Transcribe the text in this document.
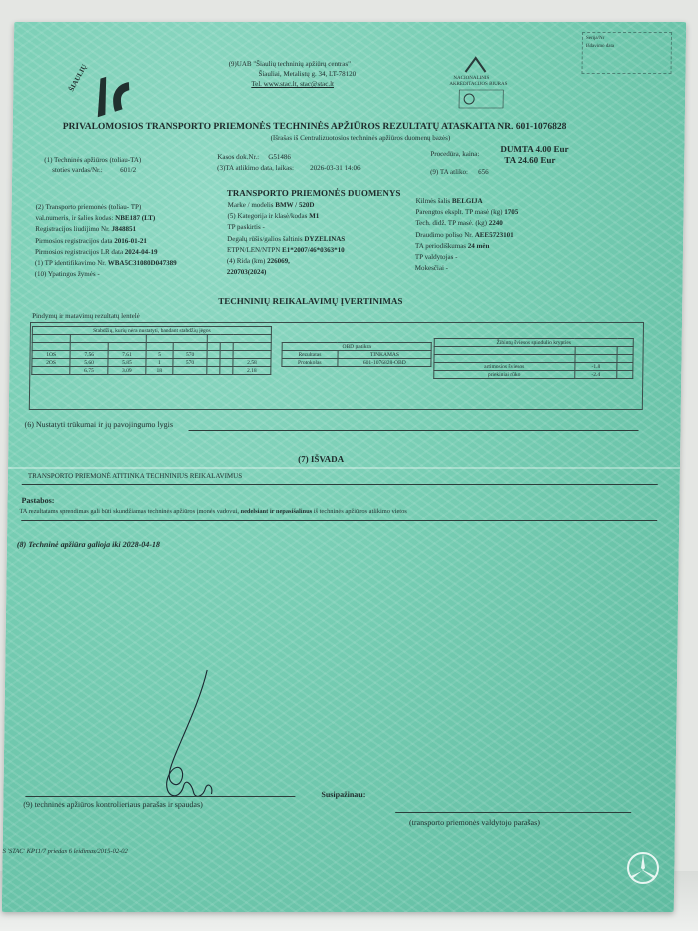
ŠIAULIŲ	(9)UAB "Šiaulių techninių apžiūrų centras"
Šiauliai, Metalistų g. 34, LT-78120
Tel. www.stac.lt, stac@stac.lt
NACIONALINIS
AKREDITACIJOS BIURAS
Serija/Nr
Išdavimo data
PRIVALOMOSIOS TRANSPORTO PRIEMONĖS TECHNINĖS APŽIŪROS REZULTATŲ ATASKAITA NR. 601-1076828
(Išrašas iš Centralizuotosios techninės apžiūros duomenų bazės)
(1) Techninės apžiūros (toliau-TA)
stoties vardas/Nr.: 601/2
Kasos dok.Nr.: G51486
(3)TA atlikimo data, laikas: 2026-03-31 14:06
Procedūra, kaina: DUMTA 4.00 Eur
TA 24.60 Eur
(9) TA atliko: 656
TRANSPORTO PRIEMONĖS DUOMENYS
(2) Transporto priemonės (toliau- TP)
val.numeris, ir šalies kodas: NBE187 (LT)
Registracijos liudijimo Nr. J848851
Pirmosios registracijos data 2016-01-21
Pirmosios registracijos LR data 2024-04-19
(1) TP identifikavimo Nr. WBA5C31080D047389
(10) Ypatingos žymės -
Marke / modelis BMW / 520D
(5) Kategorija ir klasė/kodas M1
TP paskirtis -
Degalų rūšis/galios šaltinis DYZELINAS
ETPN/LEN/NTPN E1*2007/46*0363*10
(4) Rida (km) 226069,
220703(2024)
Kilmės šalis BELGIJA
Parengtos eksplt. TP masė (kg) 1705
Tech. didž. TP masė. (kg) 2240
Draudimo poliso Nr. AEE5723101
TA periodiškumas 24 mėn
TP valdytojas -
Mokesčiai -
TECHNINIŲ REIKALAVIMŲ ĮVERTINIMAS
Pindymų ir matavimų rezultatų lentelė
Stabdžių, kurių nėra nustatyti, bandant stabdžių jėgos							

1OS	7.56	7.61	5	570			
2OS	5.60	5.85	1	570			2.58
	6.75	3.09	18				2.18
OBD patikra	
Rezultatas	TINKAMAS
Protokolas	601-1076828-OBD
Žibintų šviesos spindulio krypties		

artimosios šviesos	-1.8	
priekiniai rūko	-2.4	
(6) Nustatyti trūkumai ir jų pavojingumo lygis
(7) IŠVADA
TRANSPORTO PRIEMONĖ ATITINKA TECHNINIUS REIKALAVIMUS
Pastabos:
TA rezultatams sprendimas gali būti skundžiamas techninės apžiūros įmonės vadovui, nedelsiant ir nepasišalinus iš techninės apžiūros atlikimo vietos
(8) Techninė apžiūra galioja iki 2028-04-18
(9) techninės apžiūros kontrolieriaus parašas ir spaudas)
Susipažinau:
(transporto priemonės valdytojo parašas)
S 'STAC' KP11/7 priedas 6 leidimas/2015-02-02
